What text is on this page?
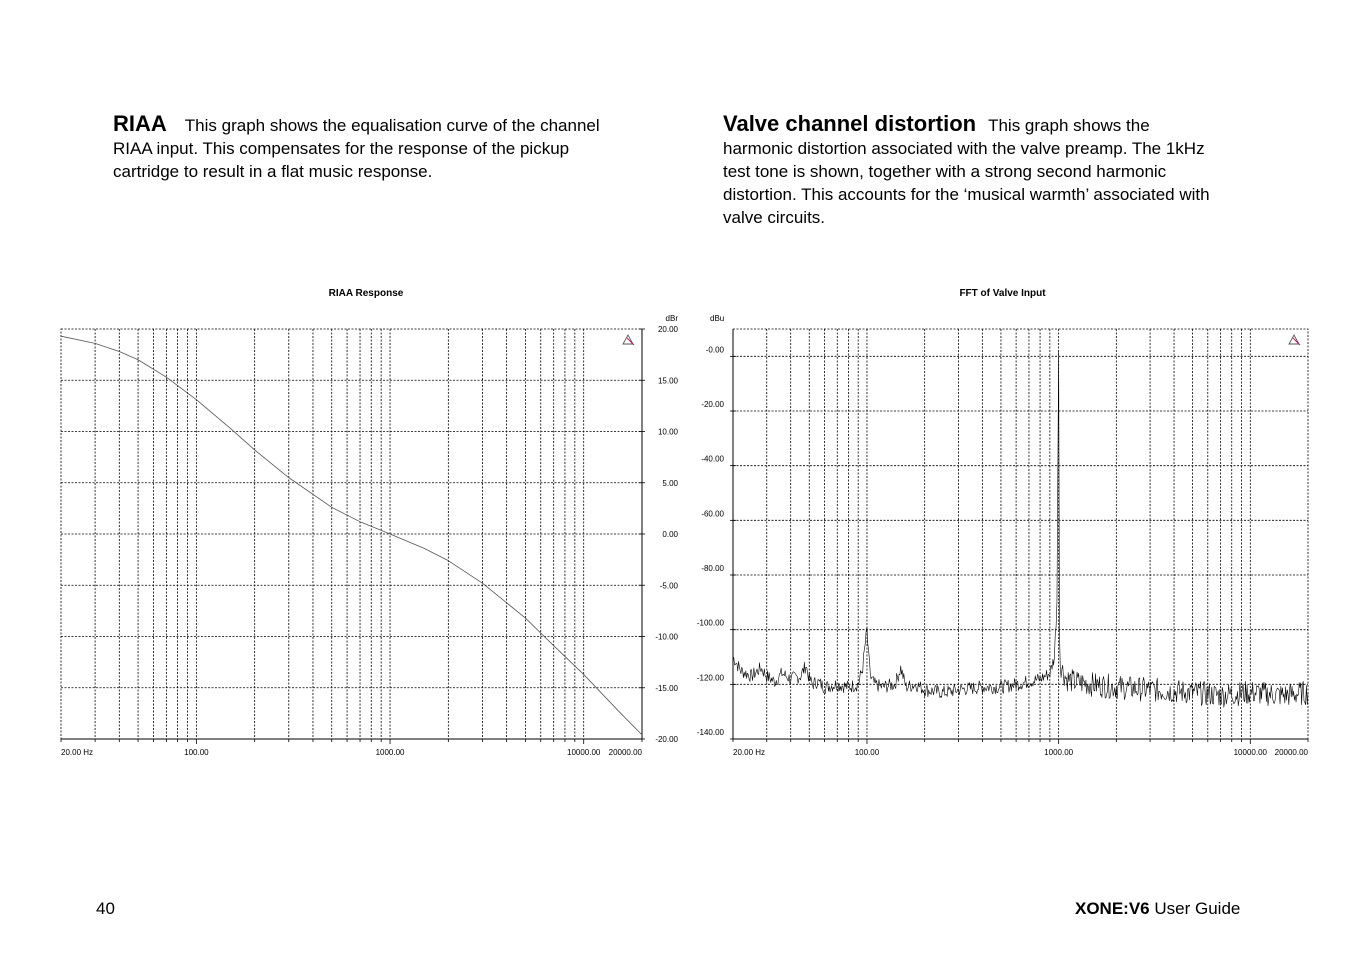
RIAA This graph shows the equalisation curve of the channel RIAA input. This compensates for the response of the pickup cartridge to result in a flat music response.
Valve channel distortion This graph shows the harmonic distortion associated with the valve preamp. The 1kHz test tone is shown, together with a strong second harmonic distortion. This accounts for the ‘musical warmth’ associated with valve circuits.
RIAA Response	FFT of Valve Input
20.00
15.00
10.00
5.00
0.00
-5.00
-10.00
-15.00
-20.00
dBr
20.00 Hz	100.00	1000.00	10000.00 20000.00
-0.00
-20.00
-40.00
-60.00
-80.00
-100.00
-120.00
-140.00
dBu
20.00 Hz	100.00	1000.00	10000.00 20000.00
40	XONE:V6 User Guide
